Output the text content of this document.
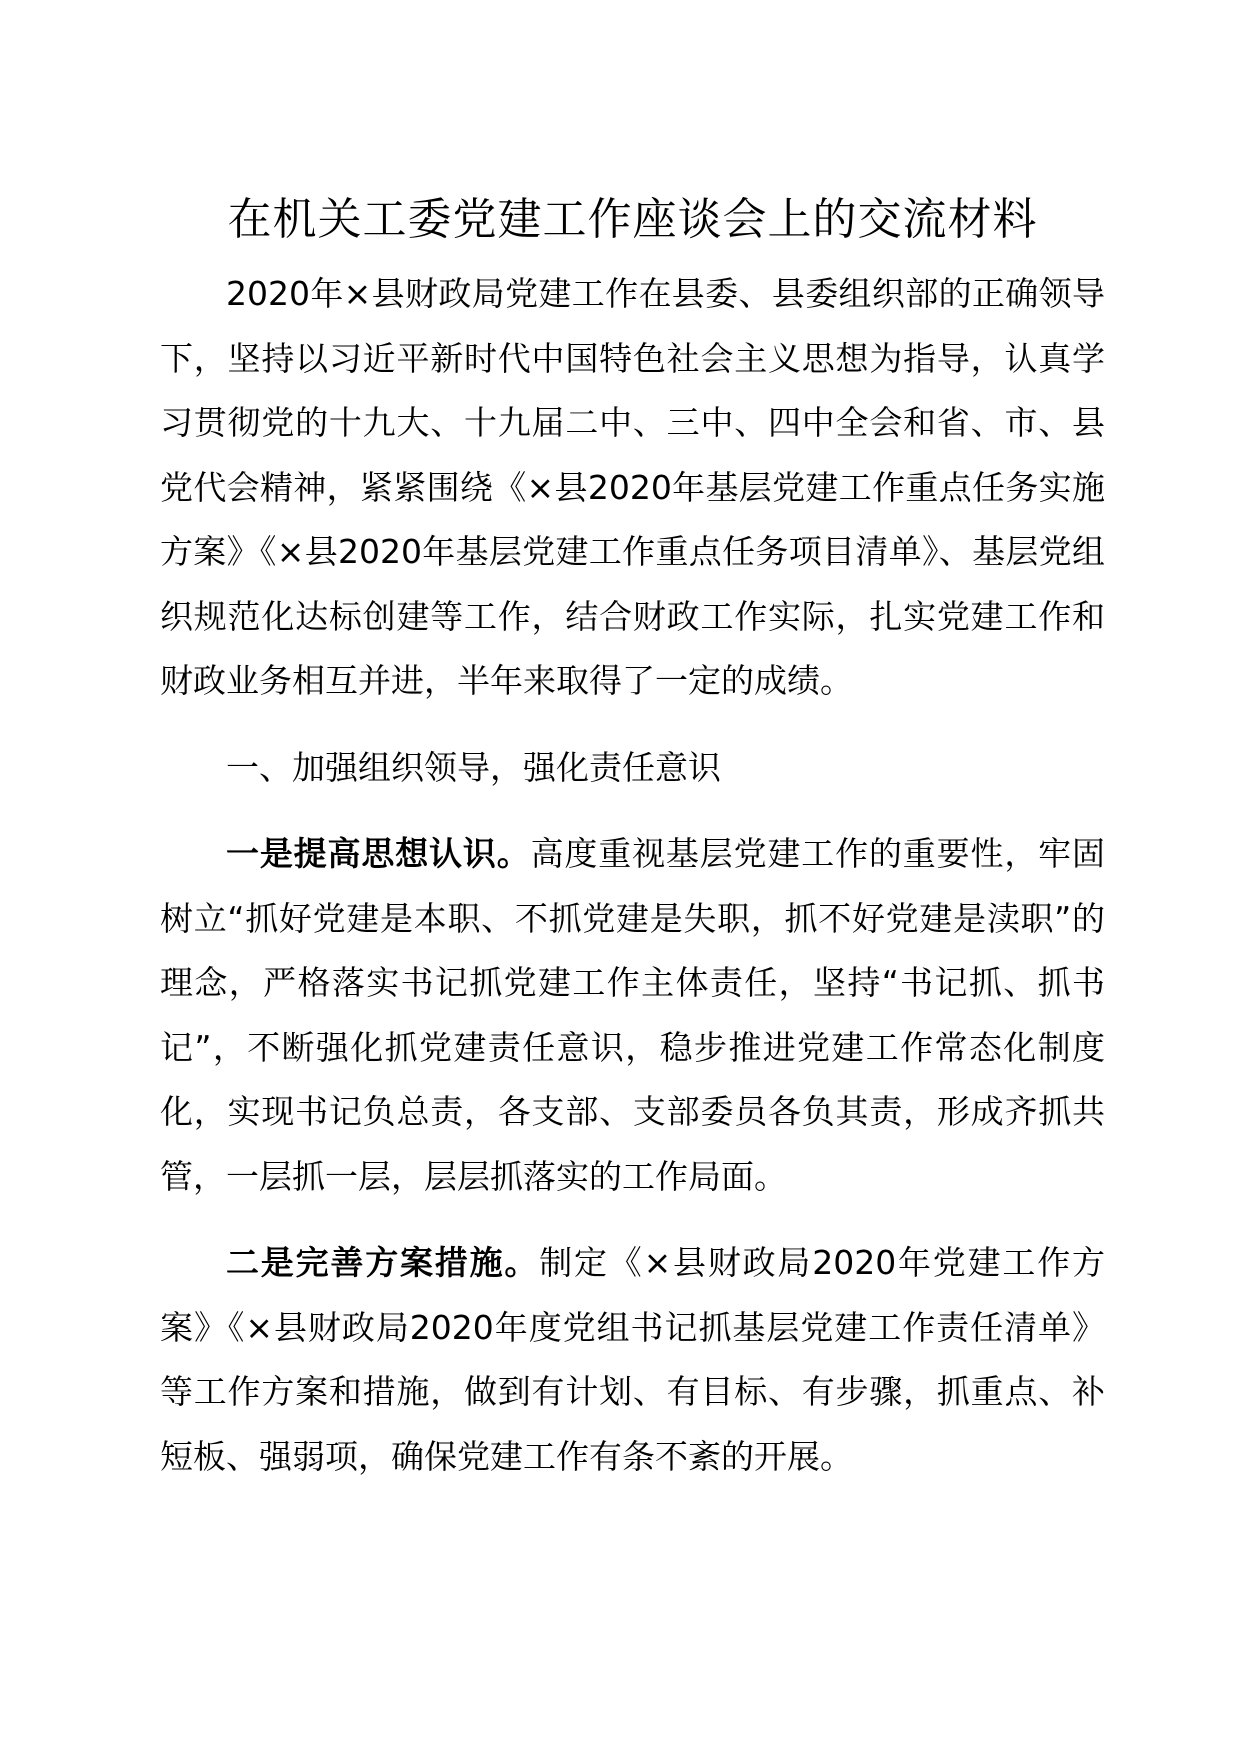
在机关工委党建工作座谈会上的交流材料

2020年×县财政局党建工作在县委、县委组织部的正确领导下，坚持以习近平新时代中国特色社会主义思想为指导，认真学习贯彻党的十九大、十九届二中、三中、四中全会和省、市、县党代会精神，紧紧围绕《×县2020年基层党建工作重点任务实施方案》《×县2020年基层党建工作重点任务项目清单》、基层党组织规范化达标创建等工作，结合财政工作实际，扎实党建工作和财政业务相互并进，半年来取得了一定的成绩。

一、加强组织领导，强化责任意识

一是提高思想认识。高度重视基层党建工作的重要性，牢固树立“抓好党建是本职、不抓党建是失职，抓不好党建是渎职”的理念，严格落实书记抓党建工作主体责任，坚持“书记抓、抓书记”，不断强化抓党建责任意识，稳步推进党建工作常态化制度化，实现书记负总责，各支部、支部委员各负其责，形成齐抓共管，一层抓一层，层层抓落实的工作局面。

二是完善方案措施。制定《×县财政局2020年党建工作方案》《×县财政局2020年度党组书记抓基层党建工作责任清单》等工作方案和措施，做到有计划、有目标、有步骤，抓重点、补短板、强弱项，确保党建工作有条不紊的开展。
